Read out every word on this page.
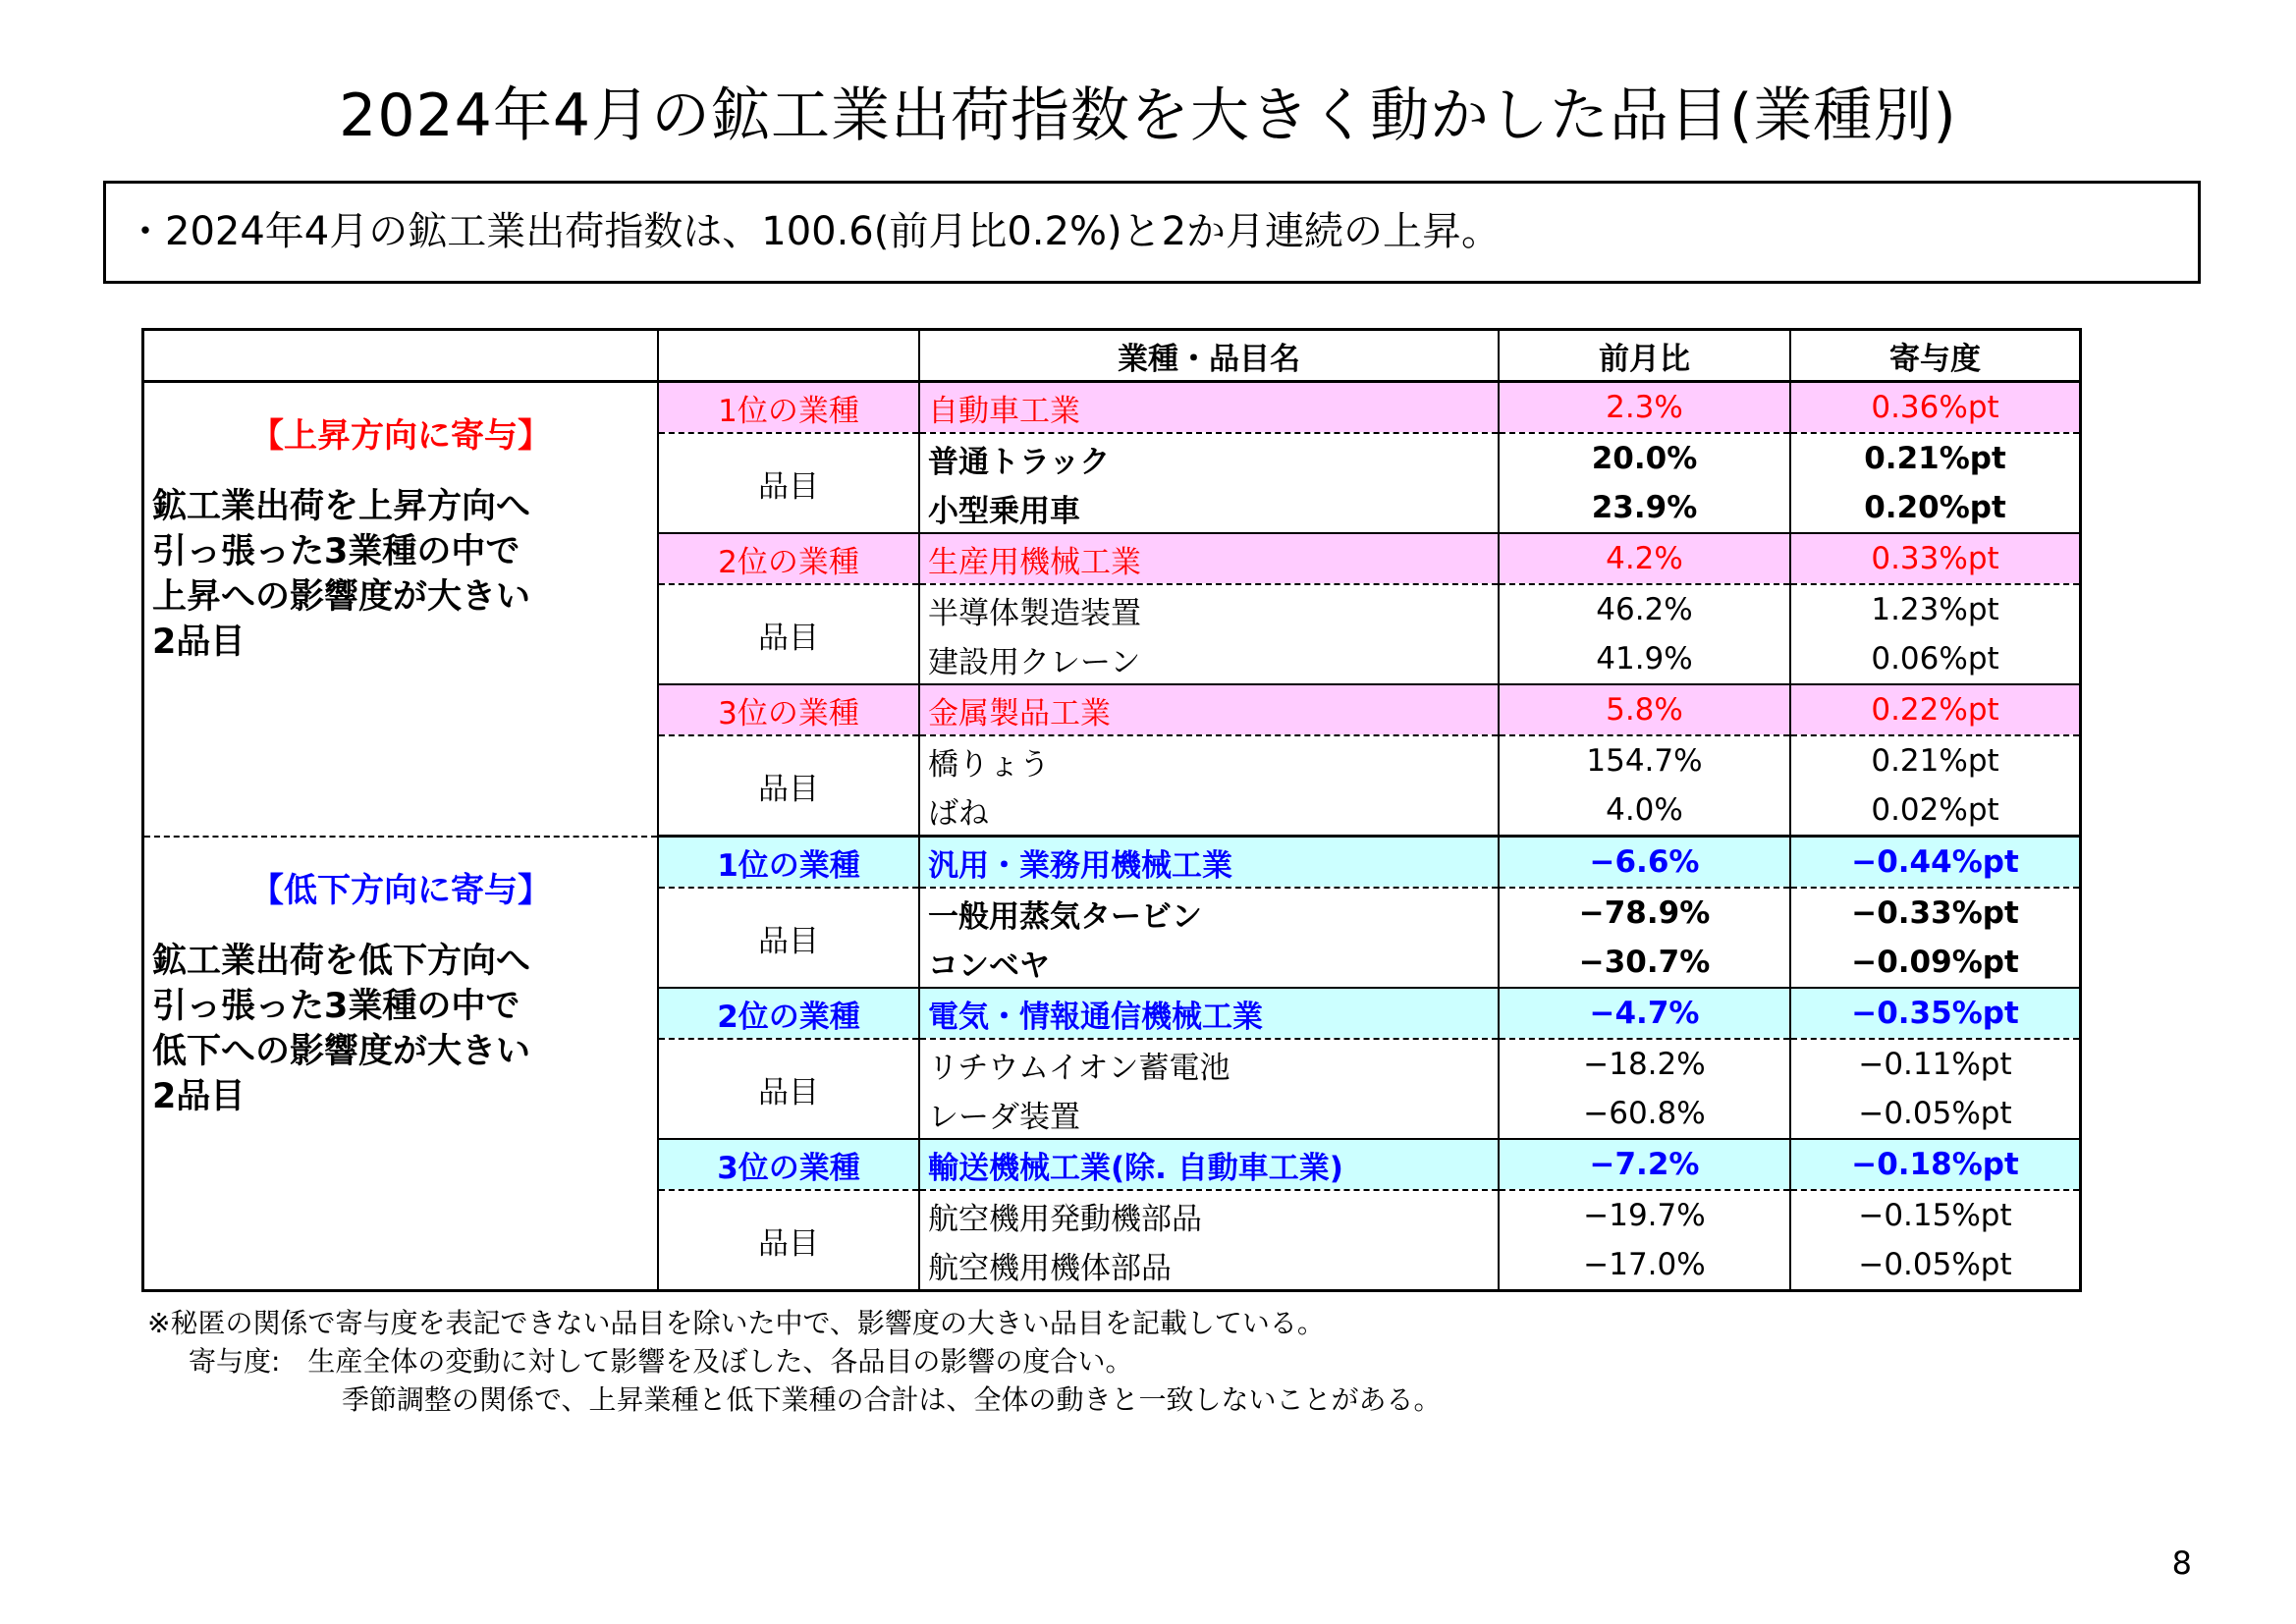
2024年4月の鉱工業出荷指数を大きく動かした品目(業種別)
・2024年4月の鉱工業出荷指数は、100.6(前月比0.2%)と2か月連続の上昇。
		業種・品目名	前月比	寄与度

【上昇方向に寄与】
鉱工業出荷を上昇方向へ
引っ張った3業種の中で
上昇への影響度が大きい
2品目	1位の業種	自動車工業	2.3%	0.36%pt
	品目	普通トラック	20.0%	0.21%pt
		小型乗用車	23.9%	0.20%pt
	2位の業種	生産用機械工業	4.2%	0.33%pt
	品目	半導体製造装置	46.2%	1.23%pt
		建設用クレーン	41.9%	0.06%pt
	3位の業種	金属製品工業	5.8%	0.22%pt
	品目	橋りょう	154.7%	0.21%pt
		ばね	4.0%	0.02%pt

【低下方向に寄与】
鉱工業出荷を低下方向へ
引っ張った3業種の中で
低下への影響度が大きい
2品目	1位の業種	汎用・業務用機械工業	−6.6%	−0.44%pt
	品目	一般用蒸気タービン	−78.9%	−0.33%pt
		コンベヤ	−30.7%	−0.09%pt
	2位の業種	電気・情報通信機械工業	−4.7%	−0.35%pt
	品目	リチウムイオン蓄電池	−18.2%	−0.11%pt
		レーダ装置	−60.8%	−0.05%pt
	3位の業種	輸送機械工業(除. 自動車工業)	−7.2%	−0.18%pt
	品目	航空機用発動機部品	−19.7%	−0.15%pt
		航空機用機体部品	−17.0%	−0.05%pt
※秘匿の関係で寄与度を表記できない品目を除いた中で、影響度の大きい品目を記載している。
寄与度:　生産全体の変動に対して影響を及ぼした、各品目の影響の度合い。
季節調整の関係で、上昇業種と低下業種の合計は、全体の動きと一致しないことがある。
8
